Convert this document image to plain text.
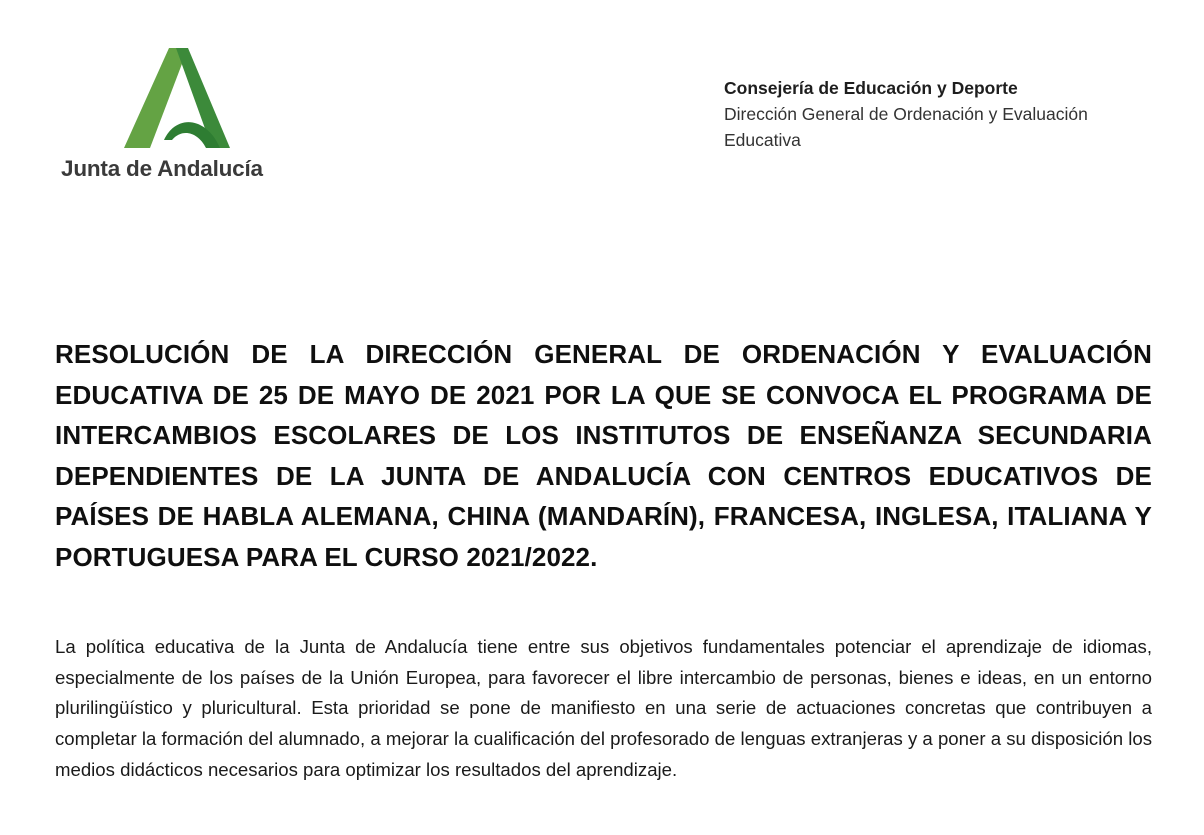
Junta de Andalucía
Consejería de Educación y Deporte
Dirección General de Ordenación y Evaluación Educativa
RESOLUCIÓN DE LA DIRECCIÓN GENERAL DE ORDENACIÓN Y EVALUACIÓN EDUCATIVA DE 25 DE MAYO DE 2021 POR LA QUE SE CONVOCA EL PROGRAMA DE INTERCAMBIOS ESCOLARES DE LOS INSTITUTOS DE ENSEÑANZA SECUNDARIA DEPENDIENTES DE LA JUNTA DE ANDALUCÍA CON CENTROS EDUCATIVOS DE PAÍSES DE HABLA ALEMANA, CHINA (MANDARÍN), FRANCESA, INGLESA, ITALIANA Y PORTUGUESA PARA EL CURSO 2021/2022.

La política educativa de la Junta de Andalucía tiene entre sus objetivos fundamentales potenciar el aprendizaje de idiomas, especialmente de los países de la Unión Europea, para favorecer el libre intercambio de personas, bienes e ideas, en un entorno plurilingüístico y pluricultural. Esta prioridad se pone de manifiesto en una serie de actuaciones concretas que contribuyen a completar la formación del alumnado, a mejorar la cualificación del profesorado de lenguas extranjeras y a poner a su disposición los medios didácticos necesarios para optimizar los resultados del aprendizaje.
